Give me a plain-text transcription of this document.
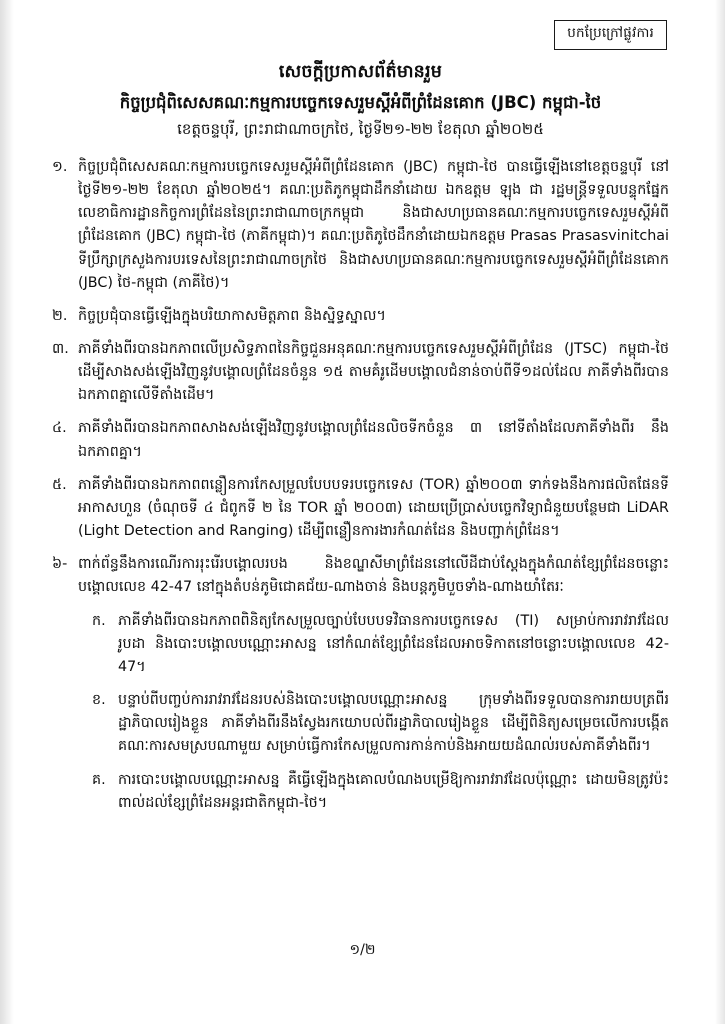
បកប្រែក្រៅផ្លូវការ
សេចក្តីប្រកាសព័ត៌មានរួម
កិច្ចប្រជុំពិសេសគណៈកម្មការបច្ចេកទេសរួមស្តីអំពីព្រំដែនគោក (JBC) កម្ពុជា-ថៃ
ខេត្តចន្ទបុរី, ព្រះរាជាណាចក្រថៃ, ថ្ងៃទី២១-២២ ខែតុលា ឆ្នាំ២០២៥
១. កិច្ចប្រជុំពិសេសគណៈកម្មការបច្ចេកទេសរួមស្តីអំពីព្រំដែនគោក (JBC) កម្ពុជា-ថៃ បានធ្វើឡើងនៅខេត្តចន្ទបុរី នៅថ្ងៃទី២១-២២ ខែតុលា ឆ្នាំ២០២៥។ គណៈប្រតិភូកម្ពុជាដឹកនាំដោយ ឯកឧត្តម ឡុង ជា រដ្ឋមន្ត្រីទទួលបន្ទុកផ្នែកលេខាធិការដ្ឋានកិច្ចការព្រំដែននៃព្រះរាជាណាចក្រកម្ពុជា និងជាសហប្រធានគណៈកម្មការបច្ចេកទេសរួមស្តីអំពីព្រំដែនគោក (JBC) កម្ពុជា-ថៃ (ភាគីកម្ពុជា)។ គណៈប្រតិភូថៃដឹកនាំដោយឯកឧត្តម Prasas Prasasvinitchai ទីប្រឹក្សាក្រសួងការបរទេសនៃព្រះរាជាណាចក្រថៃ និងជាសហប្រធានគណៈកម្មការបច្ចេកទេសរួមស្តីអំពីព្រំដែនគោក (JBC) ថៃ-កម្ពុជា (ភាគីថៃ)។
២. កិច្ចប្រជុំបានធ្វើឡើងក្នុងបរិយាកាសមិត្តភាព និងស្និទ្ធស្នាល។
៣. ភាគីទាំងពីរបានឯកភាពលើប្រសិទ្ធភាពនៃកិច្ចជួនអនុគណៈកម្មការបច្ចេកទេសរួមស្តីអំពីព្រំដែន (JTSC) កម្ពុជា-ថៃ ដើម្បីសាងសង់ឡើងវិញនូវបង្គោលព្រំដែនចំនួន ១៥ តាមគំរូដើមបង្គោលជំនាន់ចាប់ពីទី១ដល់ដែល ភាគីទាំងពីរបានឯកភាពគ្នាលើទីតាំងដើម។
៤. ភាគីទាំងពីរបានឯកភាពសាងសង់ឡើងវិញនូវបង្គោលព្រំដែនលិចទីកចំនួន ៣ នៅទីតាំងដែលភាគីទាំងពីរ នឹងឯកភាពគ្នា។
៥. ភាគីទាំងពីរបានឯកភាពពន្លឿនការកែសម្រួលបែបបទរបច្ចេកទេស (TOR) ឆ្នាំ២០០៣ ទាក់ទងនឹងការផលិតផែនទីអាកាសហួន (ចំណុចទី ៤ ជំពូកទី ២ នៃ TOR ឆ្នាំ ២០០៣) ដោយប្រើប្រាស់បច្ចេកវិទ្យាជំនួយបន្ថែមជា LiDAR (Light Detection and Ranging) ដើម្បីពន្លឿនការងារកំណត់ដែន និងបញ្ជាក់ព្រំដែន។
៦- ពាក់ព័ន្ធនឹងការណើរការរុះរើរបង្គោលរបង និងខណ្ឌសីមាព្រំដែននៅលើដីជាប់ស្តែងក្នុងកំណត់ខ្សែព្រំដែនចន្លោះបង្គោលលេខ 42-47 នៅក្នុងតំបន់ភូមិជោគជ័យ-ណាងចាន់ និងបន្តភូមិបួចទាំង-ណាងយាំតែរៈ
ក. ភាគីទាំងពីរបានឯកភាពពិនិត្យកែសម្រួលច្បាប់បែបបទវិធានការបច្ចេកទេស (TI) សម្រាប់ការរាវរាវដែលរូបដា និងបោះបង្គោលបណ្ណោះអាសន្ន នៅកំណត់ខ្សែព្រំដែនដែលអាចទិកាតនៅចន្លោះបង្គោលលេខ 42-47។
ខ. បន្ទាប់ពីបញ្ចប់ការរាវរាវដែនរបស់និងបោះបង្គោលបណ្ណោះអាសន្ន ក្រុមទាំងពីរទទួលបានការរាយបត្រពីរដ្ឋាភិបាលរៀងខ្លួន ភាគីទាំងពីរនឹងស្វែងរកយោបល់ពីរដ្ឋាភិបាលរៀងខ្លួន ដើម្បីពិនិត្យសម្រេចលើការបង្កើតគណៈការសមស្របណាមួយ សម្រាប់ធ្វើការកែសម្រួលការកាន់កាប់និងអាយយដំណល់របស់ភាគីទាំងពីរ។
គ. ការបោះបង្គោលបណ្ណោះអាសន្ន គឺធ្វើឡើងក្នុងគោលបំណងបម្រើឱ្យការរាវរាវដែលប៉ុណ្ណោះ ដោយមិនត្រូវប៉ះពាល់ដល់ខ្សែព្រំដែនអន្តរជាតិកម្ពុជា-ថៃ។
១/២
